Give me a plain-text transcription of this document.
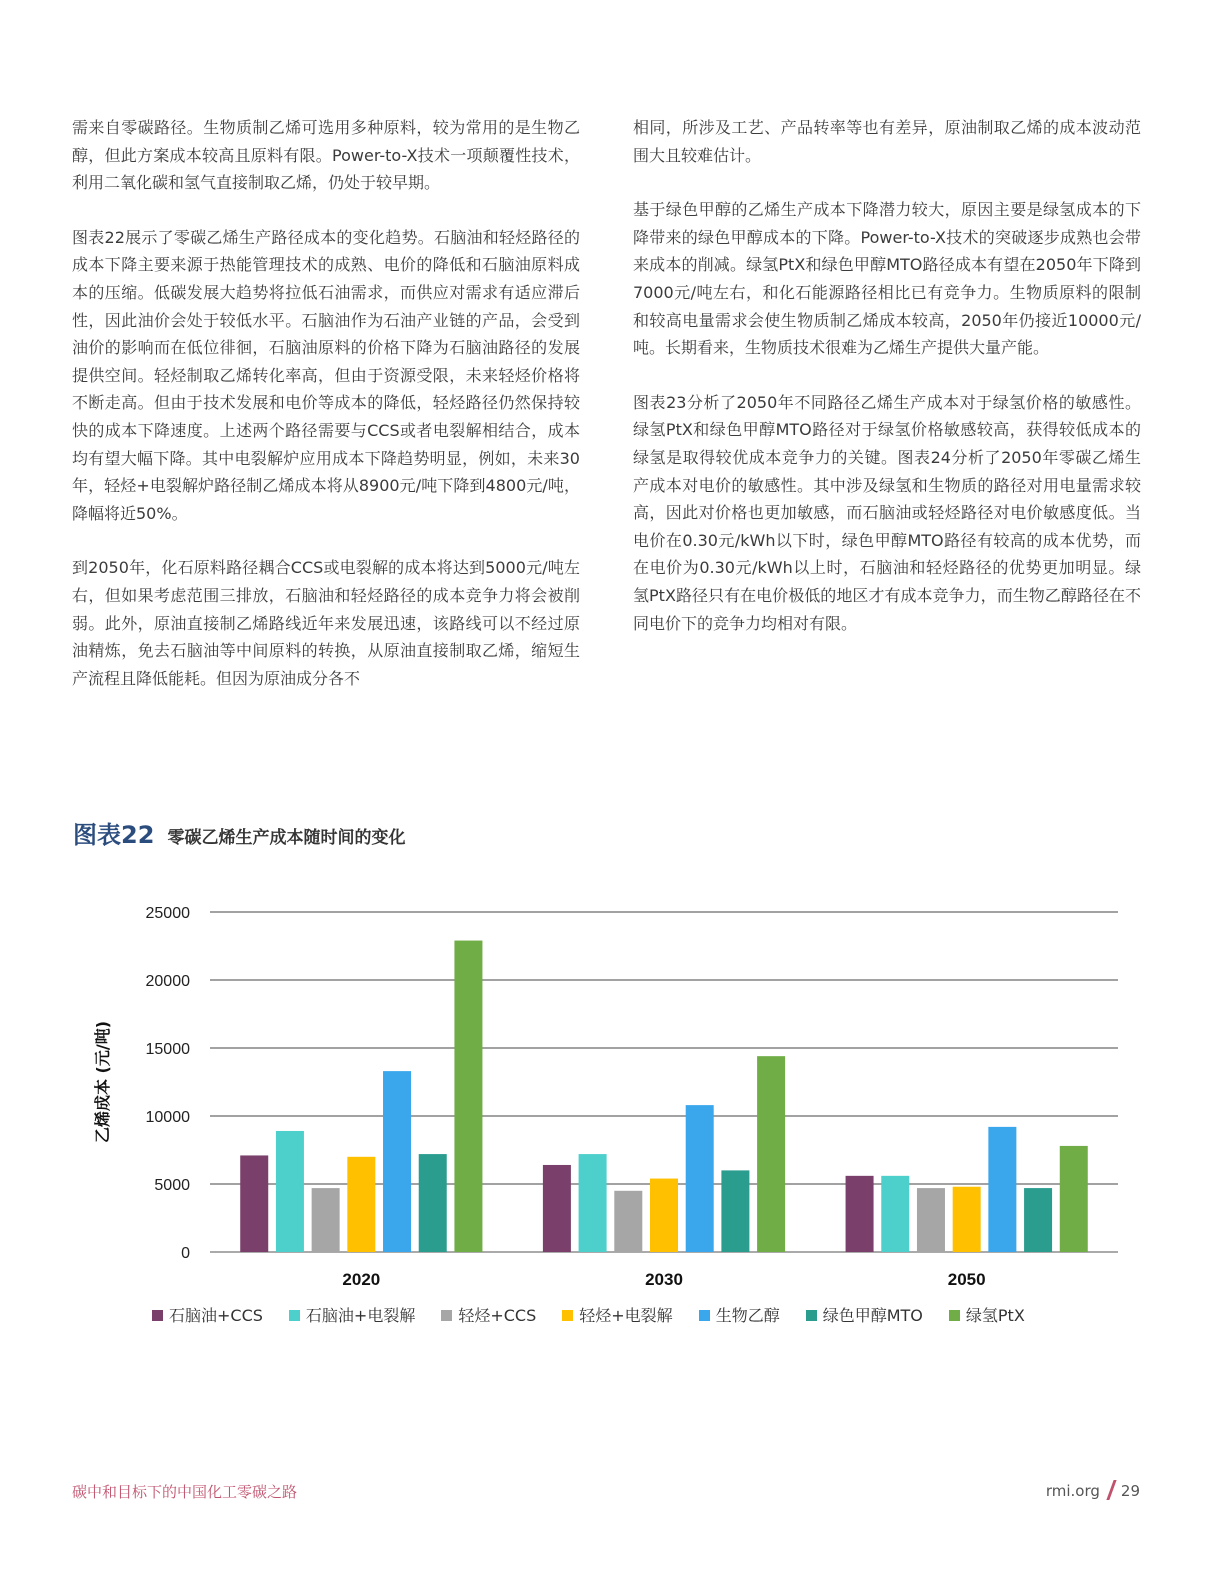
需来自零碳路径。生物质制乙烯可选用多种原料，较为常用的是生物乙醇，但此方案成本较高且原料有限。Power-to-X技术一项颠覆性技术，利用二氧化碳和氢气直接制取乙烯，仍处于较早期。

图表22展示了零碳乙烯生产路径成本的变化趋势。石脑油和轻烃路径的成本下降主要来源于热能管理技术的成熟、电价的降低和石脑油原料成本的压缩。低碳发展大趋势将拉低石油需求，而供应对需求有适应滞后性，因此油价会处于较低水平。石脑油作为石油产业链的产品，会受到油价的影响而在低位徘徊，石脑油原料的价格下降为石脑油路径的发展提供空间。轻烃制取乙烯转化率高，但由于资源受限，未来轻烃价格将不断走高。但由于技术发展和电价等成本的降低，轻烃路径仍然保持较快的成本下降速度。上述两个路径需要与CCS或者电裂解相结合，成本均有望大幅下降。其中电裂解炉应用成本下降趋势明显，例如，未来30年，轻烃+电裂解炉路径制乙烯成本将从8900元/吨下降到4800元/吨，降幅将近50%。

到2050年，化石原料路径耦合CCS或电裂解的成本将达到5000元/吨左右，但如果考虑范围三排放，石脑油和轻烃路径的成本竞争力将会被削弱。此外，原油直接制乙烯路线近年来发展迅速，该路线可以不经过原油精炼，免去石脑油等中间原料的转换，从原油直接制取乙烯，缩短生产流程且降低能耗。但因为原油成分各不

相同，所涉及工艺、产品转率等也有差异，原油制取乙烯的成本波动范围大且较难估计。

基于绿色甲醇的乙烯生产成本下降潜力较大，原因主要是绿氢成本的下降带来的绿色甲醇成本的下降。Power-to-X技术的突破逐步成熟也会带来成本的削减。绿氢PtX和绿色甲醇MTO路径成本有望在2050年下降到7000元/吨左右，和化石能源路径相比已有竞争力。生物质原料的限制和较高电量需求会使生物质制乙烯成本较高，2050年仍接近10000元/吨。长期看来，生物质技术很难为乙烯生产提供大量产能。

图表23分析了2050年不同路径乙烯生产成本对于绿氢价格的敏感性。绿氢PtX和绿色甲醇MTO路径对于绿氢价格敏感较高，获得较低成本的绿氢是取得较优成本竞争力的关键。图表24分析了2050年零碳乙烯生产成本对电价的敏感性。其中涉及绿氢和生物质的路径对用电量需求较高，因此对价格也更加敏感，而石脑油或轻烃路径对电价敏感度低。当电价在0.30元/kWh以下时，绿色甲醇MTO路径有较高的成本优势，而在电价为0.30元/kWh以上时，石脑油和轻烃路径的优势更加明显。绿氢PtX路径只有在电价极低的地区才有成本竞争力，而生物乙醇路径在不同电价下的竞争力均相对有限。

图表22 零碳乙烯生产成本随时间的变化
0
5000
10000
15000
20000
25000
乙烯成本 (元/吨)
2020	2030	2050
石脑油+CCS	石脑油+电裂解	轻烃+CCS	轻烃+电裂解	生物乙醇	绿色甲醇MTO	绿氢PtX
碳中和目标下的中国化工零碳之路	rmi.org 29
